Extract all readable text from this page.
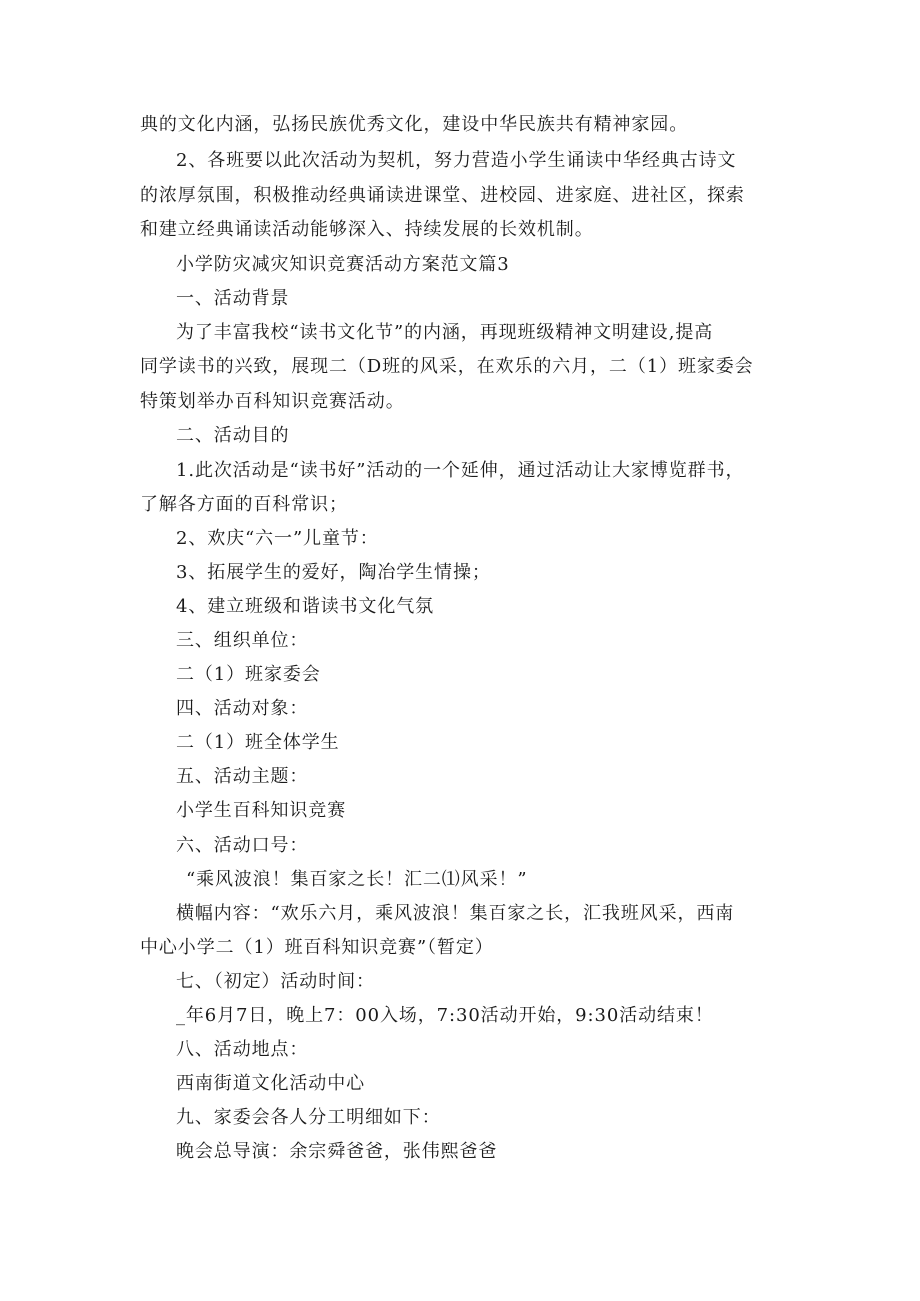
典的文化内涵，弘扬民族优秀文化，建设中华民族共有精神家园。
2、各班要以此次活动为契机，努力营造小学生诵读中华经典古诗文
的浓厚氛围，积极推动经典诵读进课堂、进校园、进家庭、进社区，探索
和建立经典诵读活动能够深入、持续发展的长效机制。
小学防灾减灾知识竞赛活动方案范文篇3
一、活动背景
为了丰富我校“读书文化节”的内涵，再现班级精神文明建设,提高
同学读书的兴致，展现二（D班的风采，在欢乐的六月，二（1）班家委会
特策划举办百科知识竞赛活动。
二、活动目的
1.此次活动是“读书好”活动的一个延伸，通过活动让大家博览群书，
了解各方面的百科常识；
2、欢庆“六一”儿童节：
3、拓展学生的爱好，陶冶学生情操；
4、建立班级和谐读书文化气氛
三、组织单位：
二（1）班家委会
四、活动对象：
二（1）班全体学生
五、活动主题：
小学生百科知识竞赛
六、活动口号：
“乘风波浪！集百家之长！汇二⑴风采！”
横幅内容：“欢乐六月，乘风波浪！集百家之长，汇我班风采，西南
中心小学二（1）班百科知识竞赛”（暂定）
七、（初定）活动时间：
_年6月7日，晚上7：00入场，7:30活动开始，9:30活动结束！
八、活动地点：
西南街道文化活动中心
九、家委会各人分工明细如下：
晚会总导演：余宗舜爸爸，张伟熙爸爸
